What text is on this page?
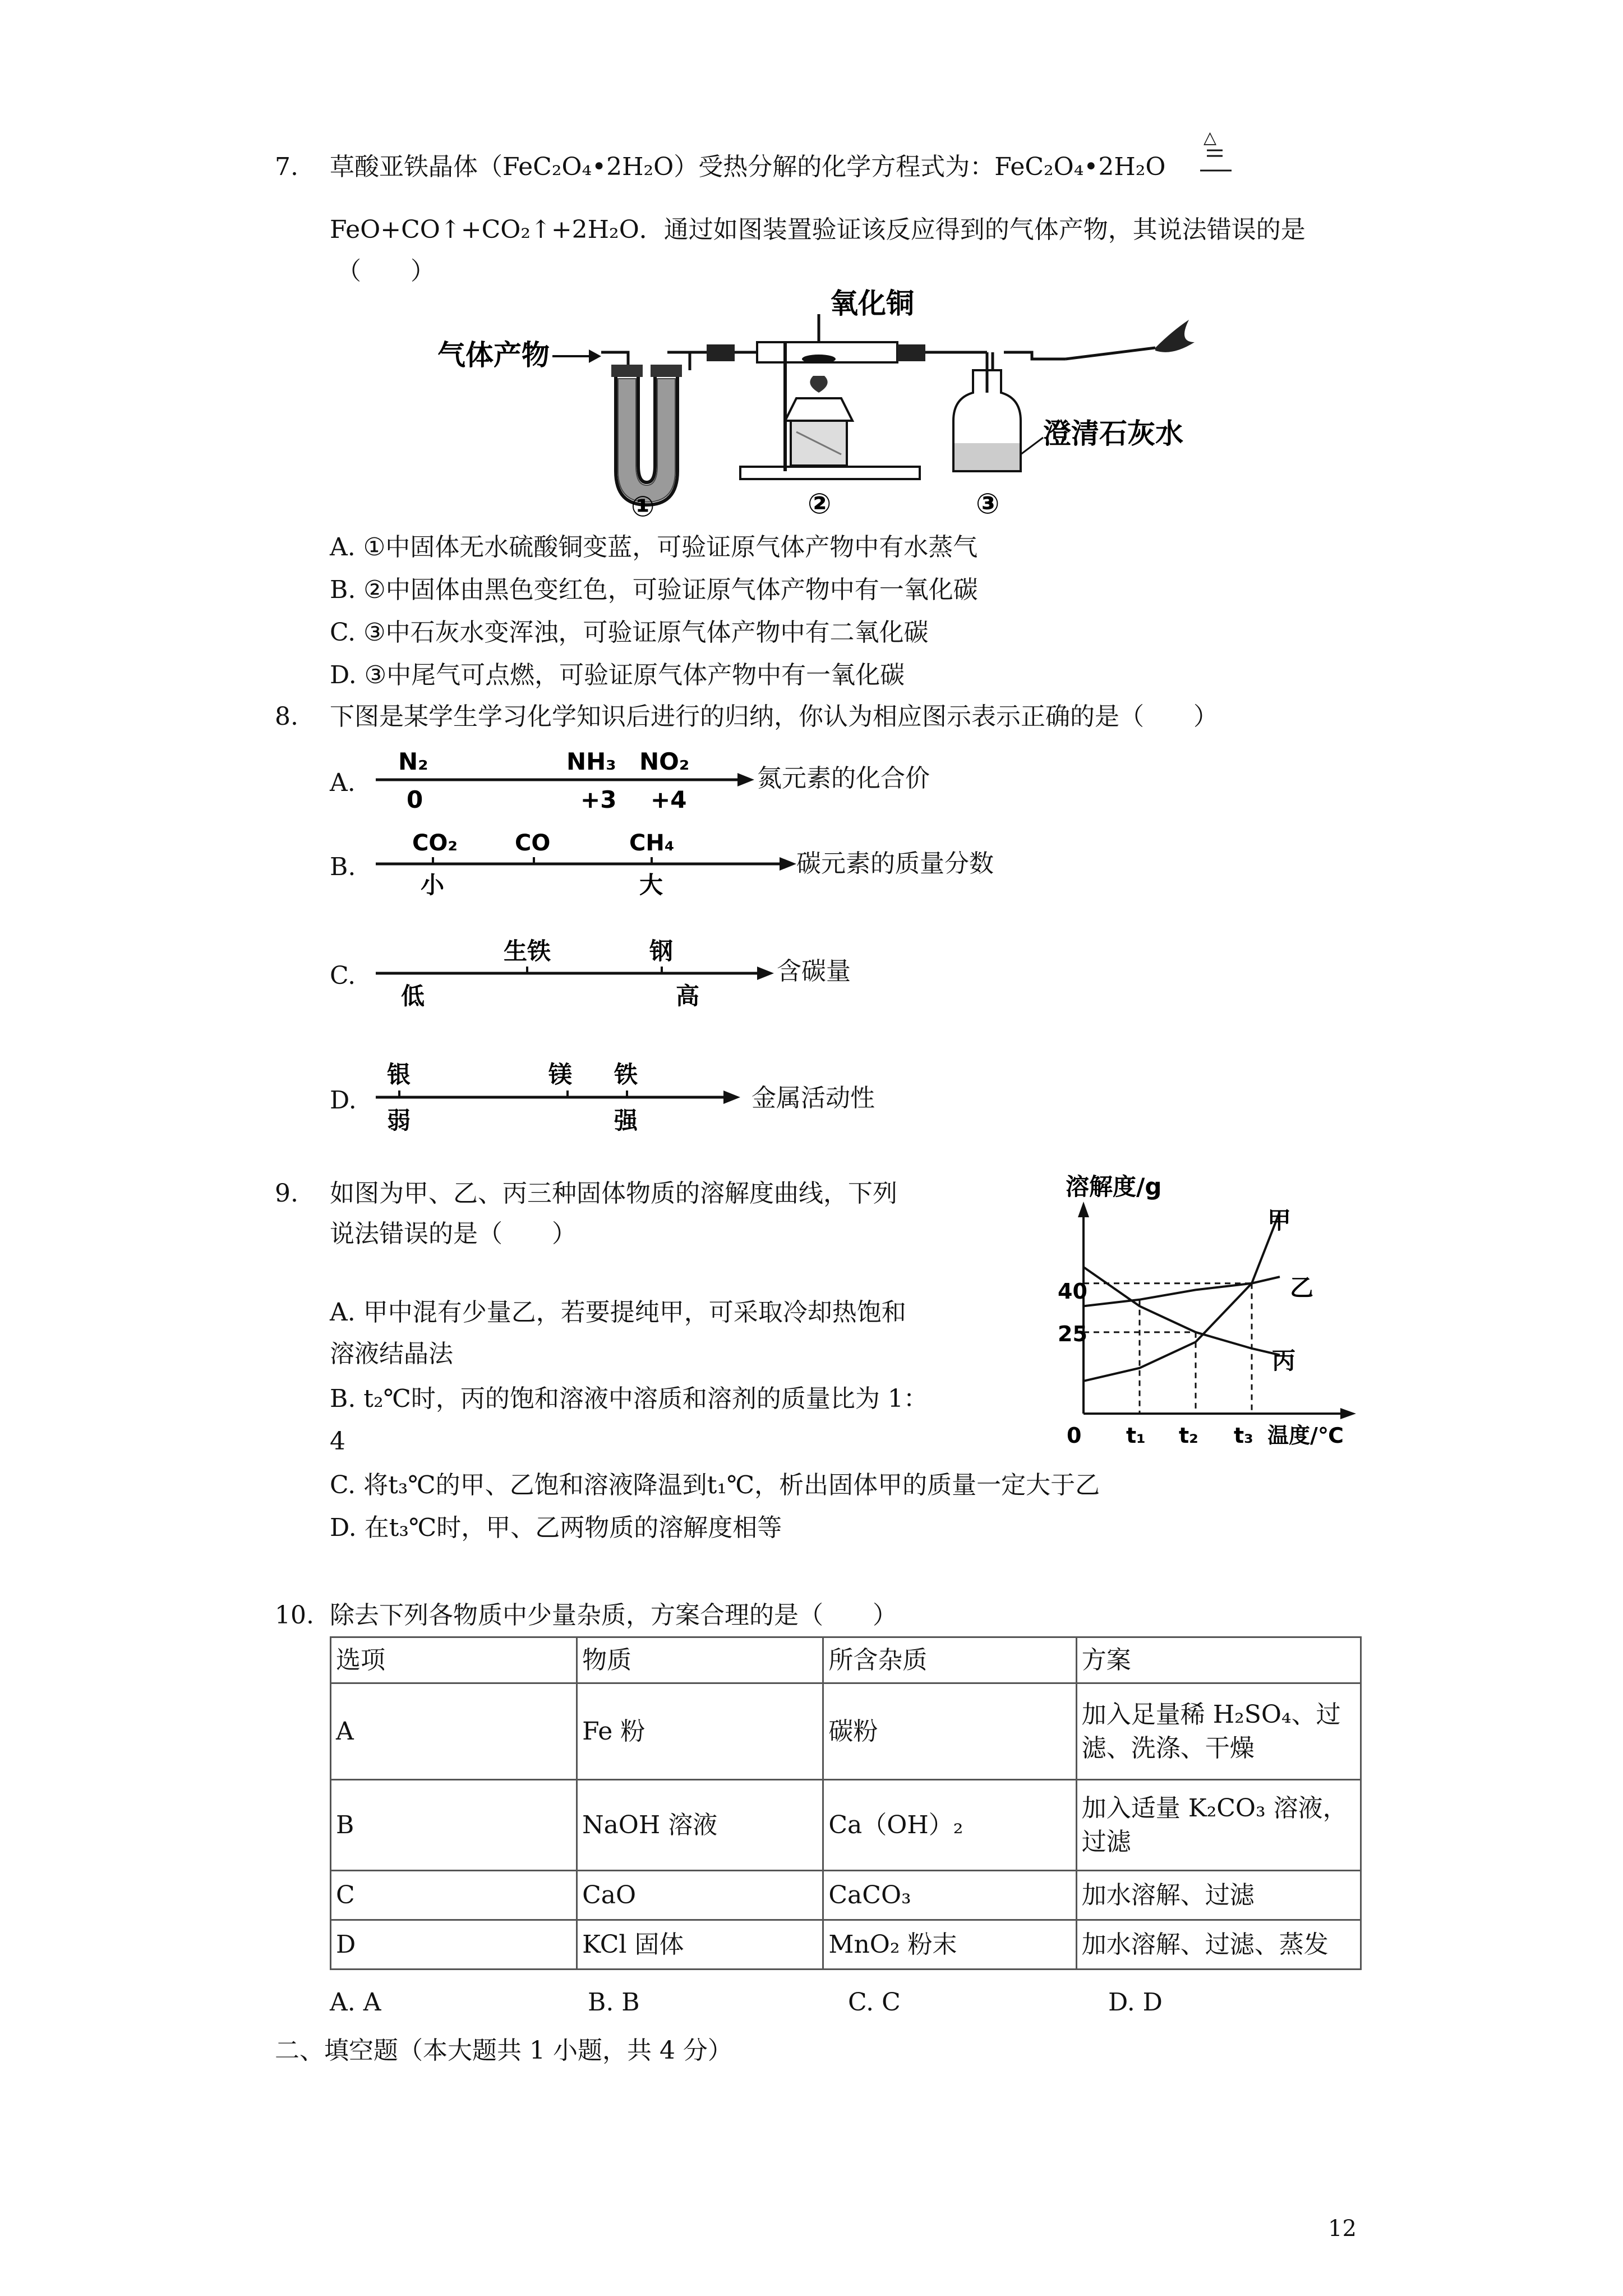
7. 草酸亚铁晶体（FeC₂O₄•2H₂O）受热分解的化学方程式为：FeC₂O₄•2H₂O
△
FeO+CO↑+CO₂↑+2H₂O．通过如图装置验证该反应得到的气体产物，其说法错误的是
（　　）
气体产物
氧化铜
澄清石灰水
①	②	③
A. ①中固体无水硫酸铜变蓝，可验证原气体产物中有水蒸气
B. ②中固体由黑色变红色，可验证原气体产物中有一氧化碳
C. ③中石灰水变浑浊，可验证原气体产物中有二氧化碳
D. ③中尾气可点燃，可验证原气体产物中有一氧化碳
8. 下图是某学生学习化学知识后进行的归纳，你认为相应图示表示正确的是（　　）
A.
N₂	NH₃ NO₂
0	+3 +4
氮元素的化合价
B.
CO₂	CO	CH₄
小	大
碳元素的质量分数
C.
生铁	钢
低	高
含碳量
D.
银	镁 铁
弱	强
金属活动性
9. 如图为甲、乙、丙三种固体物质的溶解度曲线，下列
说法错误的是（　　）
A. 甲中混有少量乙，若要提纯甲，可采取冷却热饱和
溶液结晶法
B. t₂℃时，丙的饱和溶液中溶质和溶剂的质量比为 1：
4
C. 将t₃℃的甲、乙饱和溶液降温到t₁℃，析出固体甲的质量一定大于乙
D. 在t₃℃时，甲、乙两物质的溶解度相等
溶解度/g
40
25
0 t₁ t₂ t₃ 温度/℃
甲
乙
丙
10. 除去下列各物质中少量杂质，方案合理的是（　　）
选项	物质	所含杂质	方案
A	Fe 粉	碳粉	加入足量稀 H₂SO₄、过滤、洗涤、干燥
B	NaOH 溶液	Ca（OH）₂	加入适量 K₂CO₃ 溶液，过滤
C	CaO	CaCO₃	加水溶解、过滤
D	KCl 固体	MnO₂ 粉末	加水溶解、过滤、蒸发
A. A	B. B	C. C	D. D
二、填空题（本大题共 1 小题，共 4 分）
12
